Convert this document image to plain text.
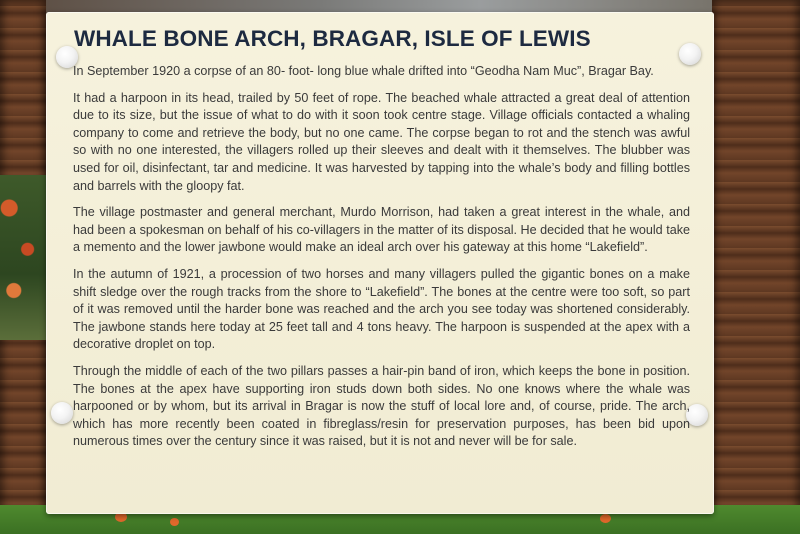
WHALE BONE ARCH, BRAGAR, ISLE OF LEWIS

In September 1920 a corpse of an 80- foot- long blue whale drifted into “Geodha Nam Muc”, Bragar Bay.

It had a harpoon in its head, trailed by 50 feet of rope. The beached whale attracted a great deal of attention due to its size, but the issue of what to do with it soon took centre stage. Village officials contacted a whaling company to come and retrieve the body, but no one came. The corpse began to rot and the stench was awful so with no one interested, the villagers rolled up their sleeves and dealt with it themselves. The blubber was used for oil, disinfectant, tar and medicine. It was harvested by tapping into the whale’s body and filling bottles and barrels with the gloopy fat.

The village postmaster and general merchant, Murdo Morrison, had taken a great interest in the whale, and had been a spokesman on behalf of his co-villagers in the matter of its disposal. He decided that he would take a memento and the lower jawbone would make an ideal arch over his gateway at this home “Lakefield”.

In the autumn of 1921, a procession of two horses and many villagers pulled the gigantic bones on a make shift sledge over the rough tracks from the shore to “Lakefield”. The bones at the centre were too soft, so part of it was removed until the harder bone was reached and the arch you see today was shortened considerably. The jawbone stands here today at 25 feet tall and 4 tons heavy. The harpoon is suspended at the apex with a decorative droplet on top.

Through the middle of each of the two pillars passes a hair-pin band of iron, which keeps the bone in position. The bones at the apex have supporting iron studs down both sides. No one knows where the whale was harpooned or by whom, but its arrival in Bragar is now the stuff of local lore and, of course, pride. The arch, which has more recently been coated in fibreglass/resin for preservation purposes, has been bid upon numerous times over the century since it was raised, but it is not and never will be for sale.
